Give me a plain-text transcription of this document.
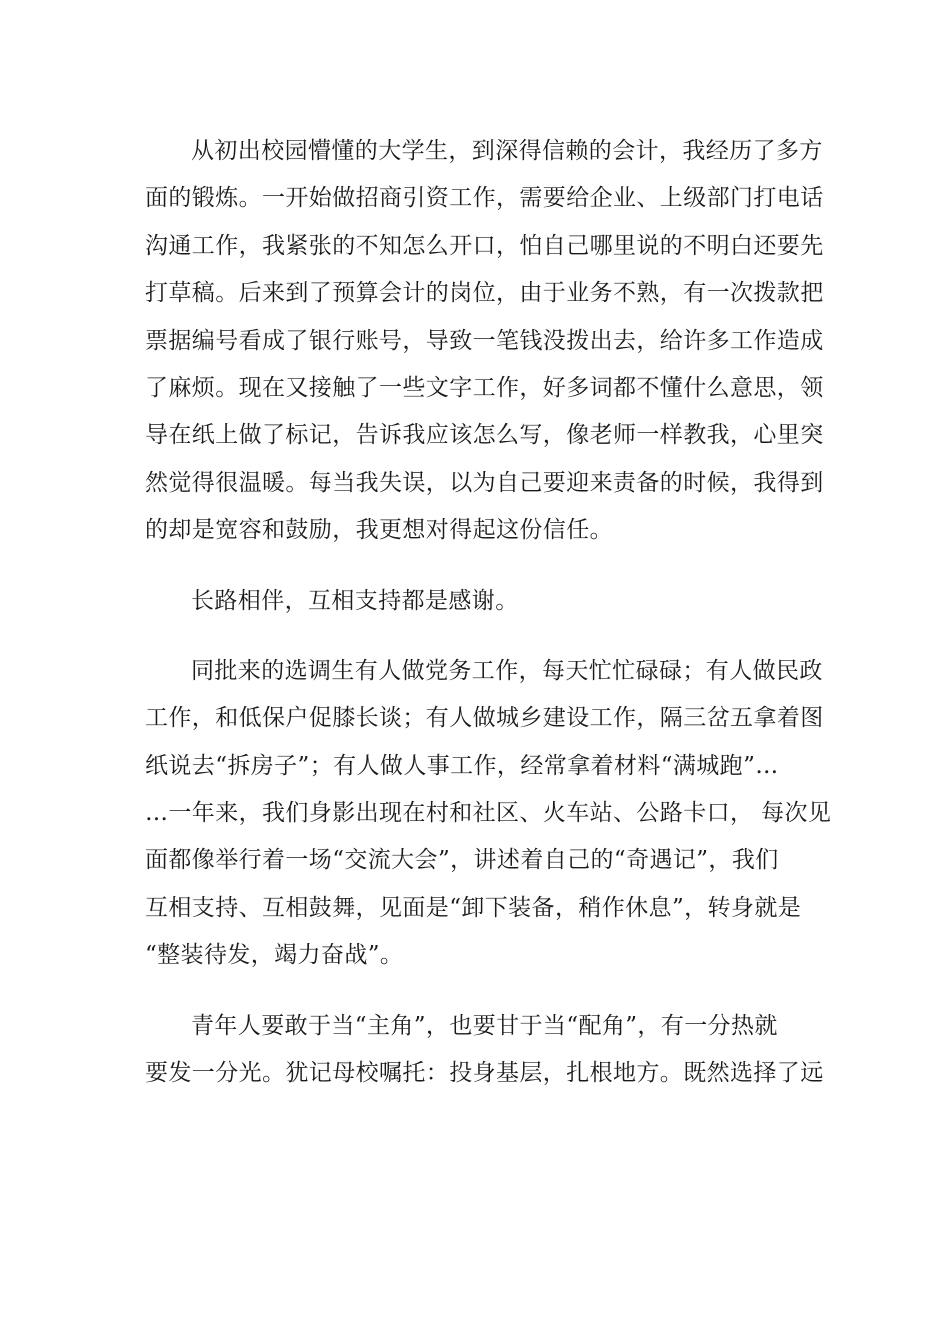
从初出校园懵懂的大学生，到深得信赖的会计，我经历了多方
面的锻炼。一开始做招商引资工作，需要给企业、上级部门打电话
沟通工作，我紧张的不知怎么开口，怕自己哪里说的不明白还要先
打草稿。后来到了预算会计的岗位，由于业务不熟，有一次拨款把
票据编号看成了银行账号，导致一笔钱没拨出去，给许多工作造成
了麻烦。现在又接触了一些文字工作，好多词都不懂什么意思，领
导在纸上做了标记，告诉我应该怎么写，像老师一样教我，心里突
然觉得很温暖。每当我失误，以为自己要迎来责备的时候，我得到
的却是宽容和鼓励，我更想对得起这份信任。
长路相伴，互相支持都是感谢。
同批来的选调生有人做党务工作，每天忙忙碌碌；有人做民政
工作，和低保户促膝长谈；有人做城乡建设工作，隔三岔五拿着图
纸说去“拆房子”；有人做人事工作，经常拿着材料“满城跑”…
…一年来，我们身影出现在村和社区、火车站、公路卡口， 每次见
面都像举行着一场“交流大会”，讲述着自己的“奇遇记”，我们
互相支持、互相鼓舞，见面是“卸下装备，稍作休息”，转身就是
“整装待发，竭力奋战”。
青年人要敢于当“主角”，也要甘于当“配角”，有一分热就
要发一分光。犹记母校嘱托：投身基层，扎根地方。既然选择了远
